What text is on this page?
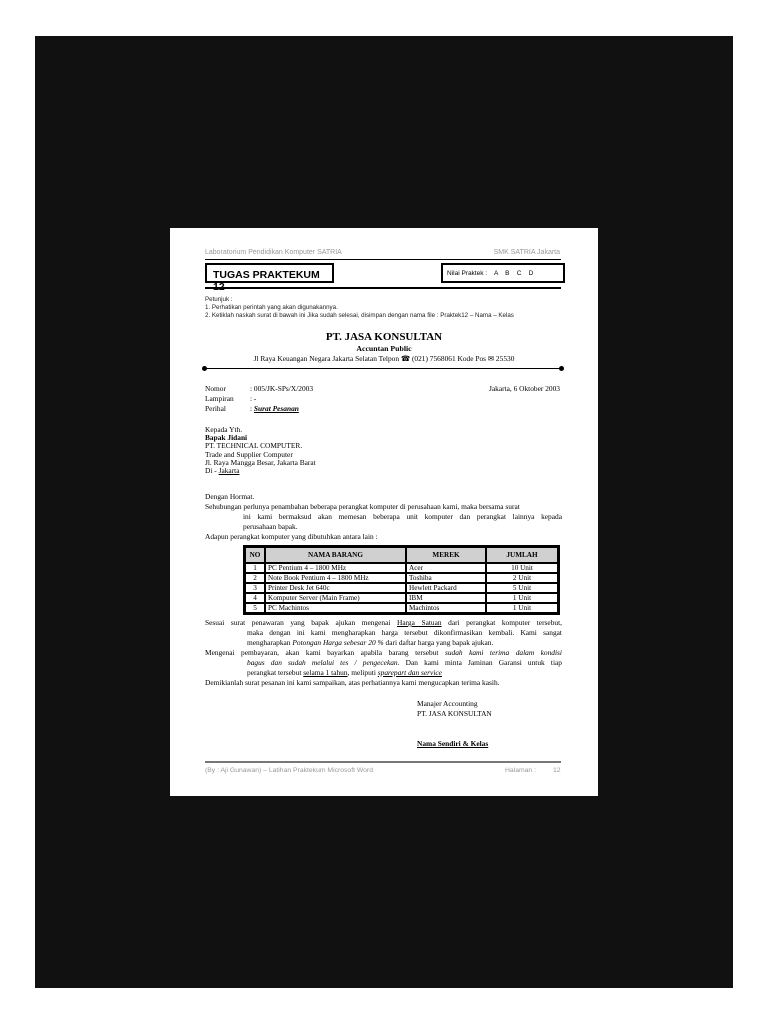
Laboratorium Pendidikan Komputer SATRIA	SMK SATRIA Jakarta
TUGAS PRAKTEKUM	Nilai Praktek :    A    B    C    D
Petunjuk :
1. Perhatikan perintah yang akan digunakannya.
2. Ketiklah naskah surat di bawah ini Jika sudah selesai, disimpan dengan nama file : Praktek12 – Nama – Kelas
PT. JASA KONSULTAN
Accuntan Public
Jl Raya Keuangan Negara Jakarta Selatan Telpon ☎ (021) 7568061 Kode Pos ✉ 25530
Nomor	: 005/JK-SPs/X/2003	Jakarta, 6 Oktober 2003
Lampiran : -
Perihal	: Surat Pesanan
Kepada Yth.
Bapak Jidani
PT. TECHNICAL COMPUTER.
Trade and Supplier Computer
Jl. Raya Mangga Besar, Jakarta Barat
Di - Jakarta
Dengan Hormat.
Sehubungan perlunya penambahan beberapa perangkat komputer di perusahaan kami, maka bersama surat
ini kami bermaksud akan memesan beberapa unit komputer dan perangkat lainnya kepada
perusahaan bapak.
Adapun perangkat komputer yang dibutuhkan antara lain :
NO	NAMA BARANG	MEREK	JUMLAH
1	PC Pentium 4 – 1800 MHz	Acer	10 Unit
2	Note Book Pentium 4 – 1800 MHz	Toshiba	2 Unit
3	Printer Desk Jet 640c	Hewlett Packard	5 Unit
4	Komputer Server (Main Frame)	IBM	1 Unit
5	PC Machintos	Machintos	1 Unit
Sesuai surat penawaran yang bapak ajukan mengenai Harga Satuan dari perangkat komputer tersebut,
maka dengan ini kami mengharapkan harga tersebut dikonfirmasikan kembali. Kami sangat
mengharapkan Potongan Harga sebesar 20 % dari daftar harga yang bapak ajukan.
Mengenai pembayaran, akan kami bayarkan apabila barang tersebut sudah kami terima dalam kondisi
bagus dan sudah melalui tes / pengecekan. Dan kami minta Jaminan Garansi untuk tiap
perangkat tersebut selama 1 tahun, meliputi sparepart dan service
Demikianlah surat pesanan ini kami sampaikan, atas perhatiannya kami mengucapkan terima kasih.
Manajer Accounting
PT. JASA KONSULTAN
Nama Sendiri & Kelas
(By : Aji Gunawan) – Latihan Praktekum Microsoft Word	Halaman :	12
